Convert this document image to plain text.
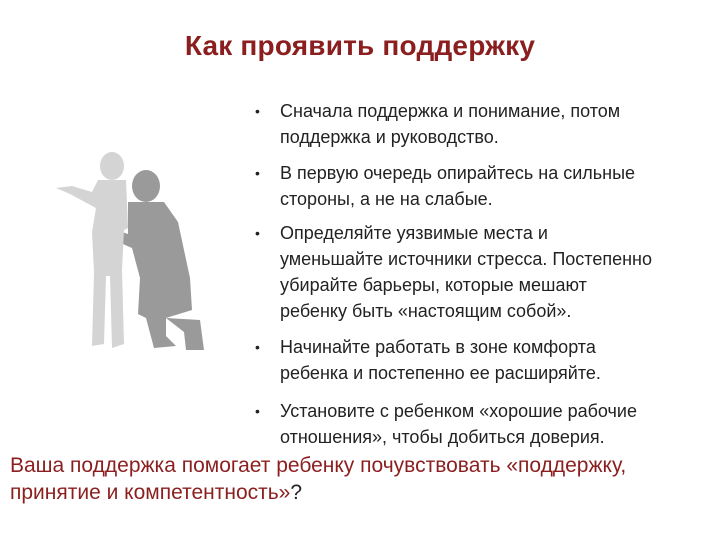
Как проявить поддержку
• Сначала поддержка и понимание, потом

поддержка и руководство.

• В первую очередь опирайтесь на сильные

стороны, а не на слабые.

• Определяйте уязвимые места и

уменьшайте источники стресса. Постепенно

убирайте барьеры, которые мешают

ребенку быть «настоящим собой».

• Начинайте работать в зоне комфорта

ребенка и постепенно ее расширяйте.

• Установите с ребенком «хорошие рабочие

отношения», чтобы добиться доверия.

Ваша поддержка помогает ребенку почувствовать «поддержку,
принятие и компетентность»?
